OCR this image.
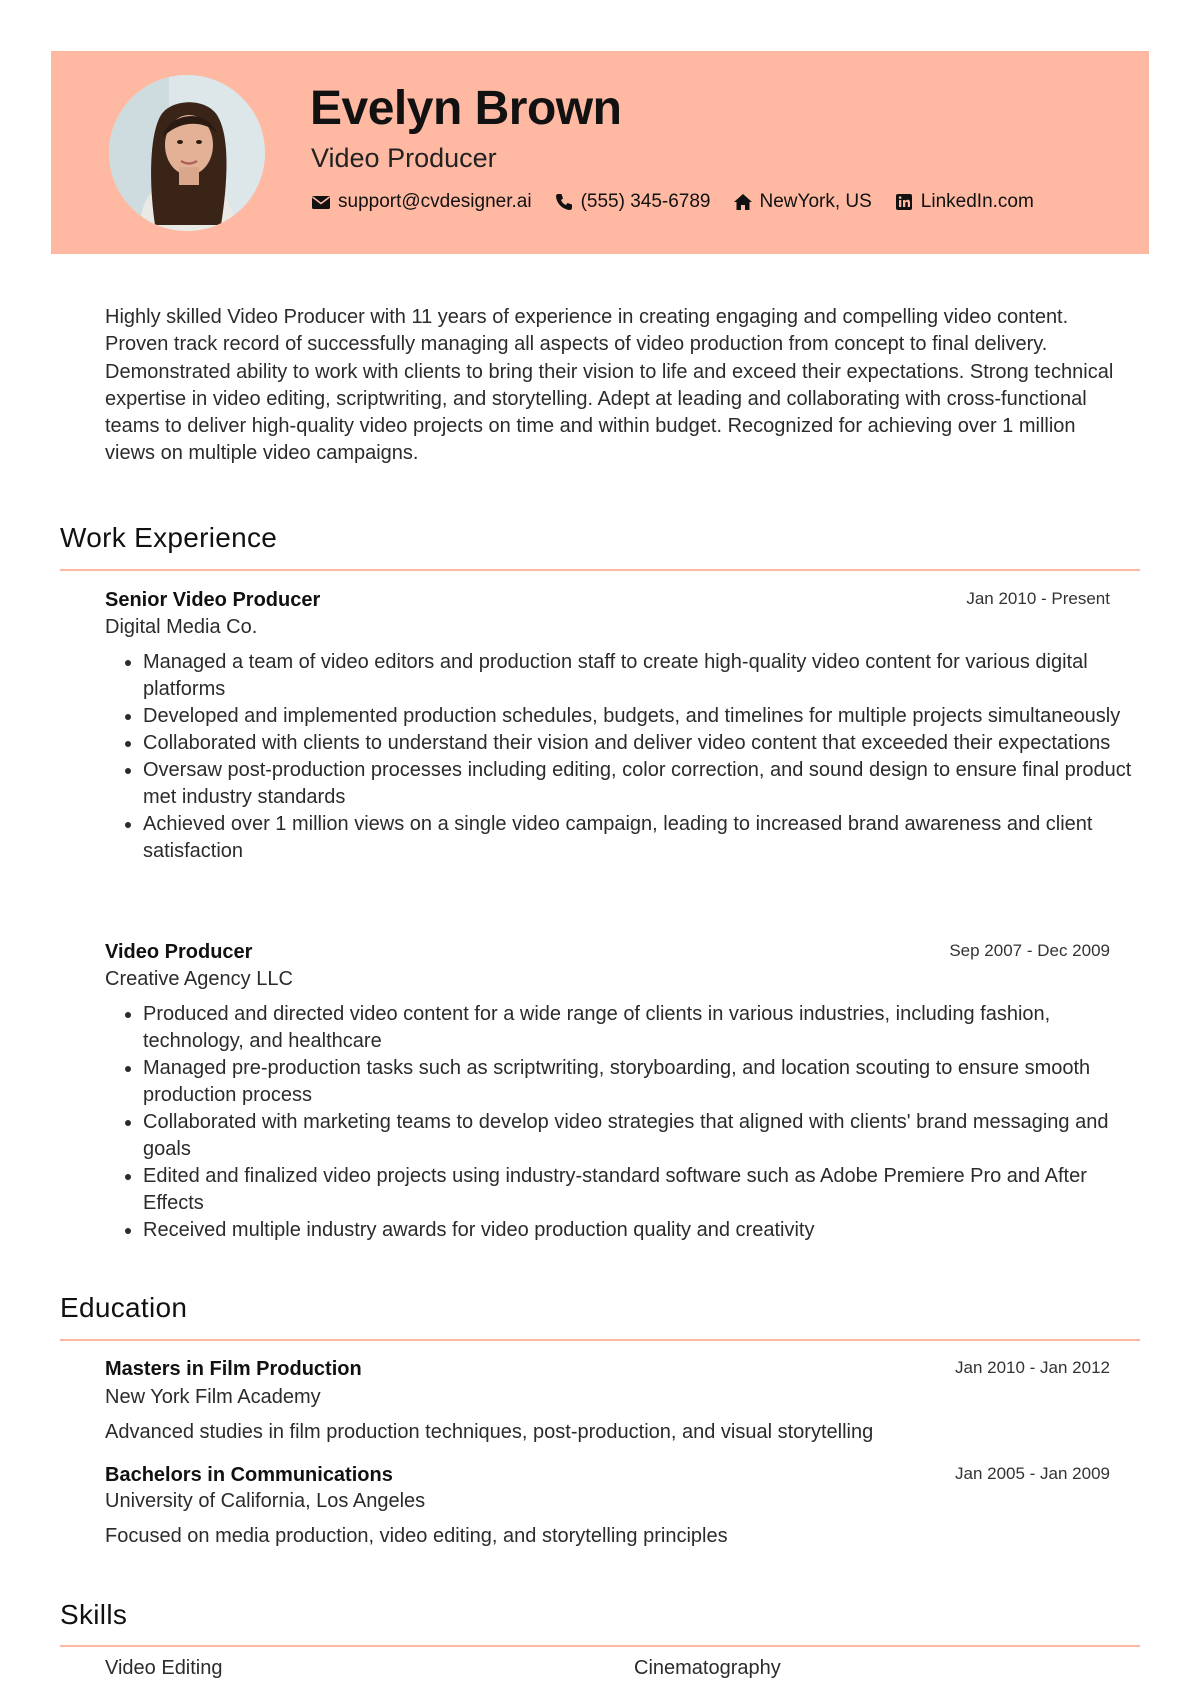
Evelyn Brown
Video Producer
support@cvdesigner.ai	(555) 345-6789	NewYork, US	LinkedIn.com

Highly skilled Video Producer with 11 years of experience in creating engaging and compelling video content. Proven track record of successfully managing all aspects of video production from concept to final delivery. Demonstrated ability to work with clients to bring their vision to life and exceed their expectations. Strong technical expertise in video editing, scriptwriting, and storytelling. Adept at leading and collaborating with cross-functional teams to deliver high-quality video projects on time and within budget. Recognized for achieving over 1 million views on multiple video campaigns.

Work Experience
Senior Video Producer	Jan 2010 - Present
Digital Media Co.
• Managed a team of video editors and production staff to create high-quality video content for various digital platforms
• Developed and implemented production schedules, budgets, and timelines for multiple projects simultaneously
• Collaborated with clients to understand their vision and deliver video content that exceeded their expectations
• Oversaw post-production processes including editing, color correction, and sound design to ensure final product met industry standards
• Achieved over 1 million views on a single video campaign, leading to increased brand awareness and client satisfaction
Video Producer	Sep 2007 - Dec 2009
Creative Agency LLC
• Produced and directed video content for a wide range of clients in various industries, including fashion, technology, and healthcare
• Managed pre-production tasks such as scriptwriting, storyboarding, and location scouting to ensure smooth production process
• Collaborated with marketing teams to develop video strategies that aligned with clients' brand messaging and goals
• Edited and finalized video projects using industry-standard software such as Adobe Premiere Pro and After Effects
• Received multiple industry awards for video production quality and creativity
Education
Masters in Film Production	Jan 2010 - Jan 2012
New York Film Academy
Advanced studies in film production techniques, post-production, and visual storytelling
Bachelors in Communications	Jan 2005 - Jan 2009
University of California, Los Angeles
Focused on media production, video editing, and storytelling principles
Skills
Video Editing	Cinematography
